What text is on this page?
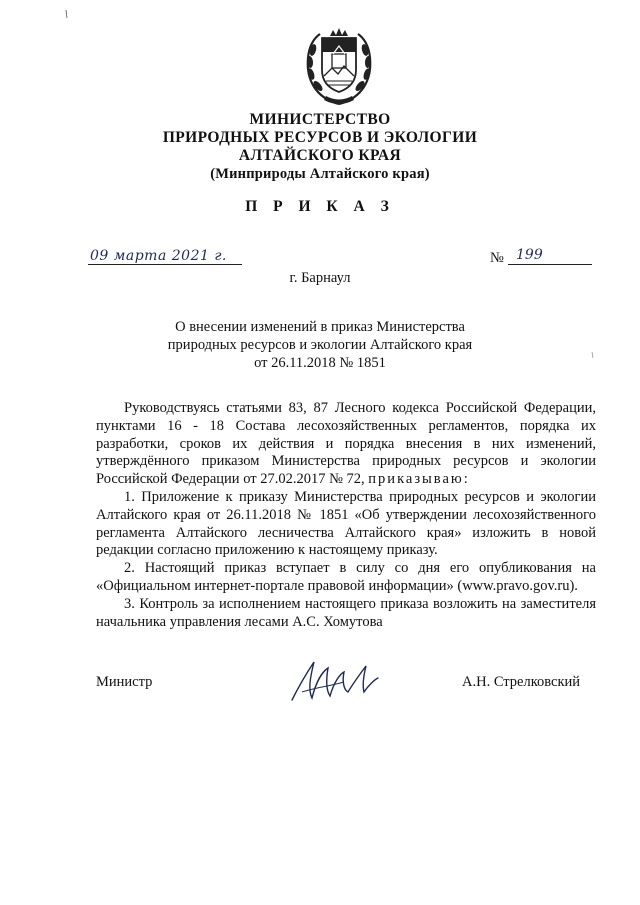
МИНИСТЕРСТВО
ПРИРОДНЫХ РЕСУРСОВ И ЭКОЛОГИИ
АЛТАЙСКОГО КРАЯ
(Минприроды Алтайского края)
П Р И К А З
09 марта 2021 г.	№ 199
г. Барнаул
О внесении изменений в приказ Министерства
природных ресурсов и экологии Алтайского края
от 26.11.2018 № 1851

Руководствуясь статьями 83, 87 Лесного кодекса Российской Федерации, пунктами 16 - 18 Состава лесохозяйственных регламентов, порядка их разработки, сроков их действия и порядка внесения в них изменений, утверждённого приказом Министерства природных ресурсов и экологии Российской Федерации от 27.02.2017 № 72, приказываю:

1. Приложение к приказу Министерства природных ресурсов и экологии Алтайского края от 26.11.2018 № 1851 «Об утверждении лесохозяйственного регламента Алтайского лесничества Алтайского края» изложить в новой редакции согласно приложению к настоящему приказу.

2. Настоящий приказ вступает в силу со дня его опубликования на «Официальном интернет-портале правовой информации» (www.pravo.gov.ru).

3. Контроль за исполнением настоящего приказа возложить на заместителя начальника управления лесами А.С. Хомутова

Министр	А.Н. Стрелковский
